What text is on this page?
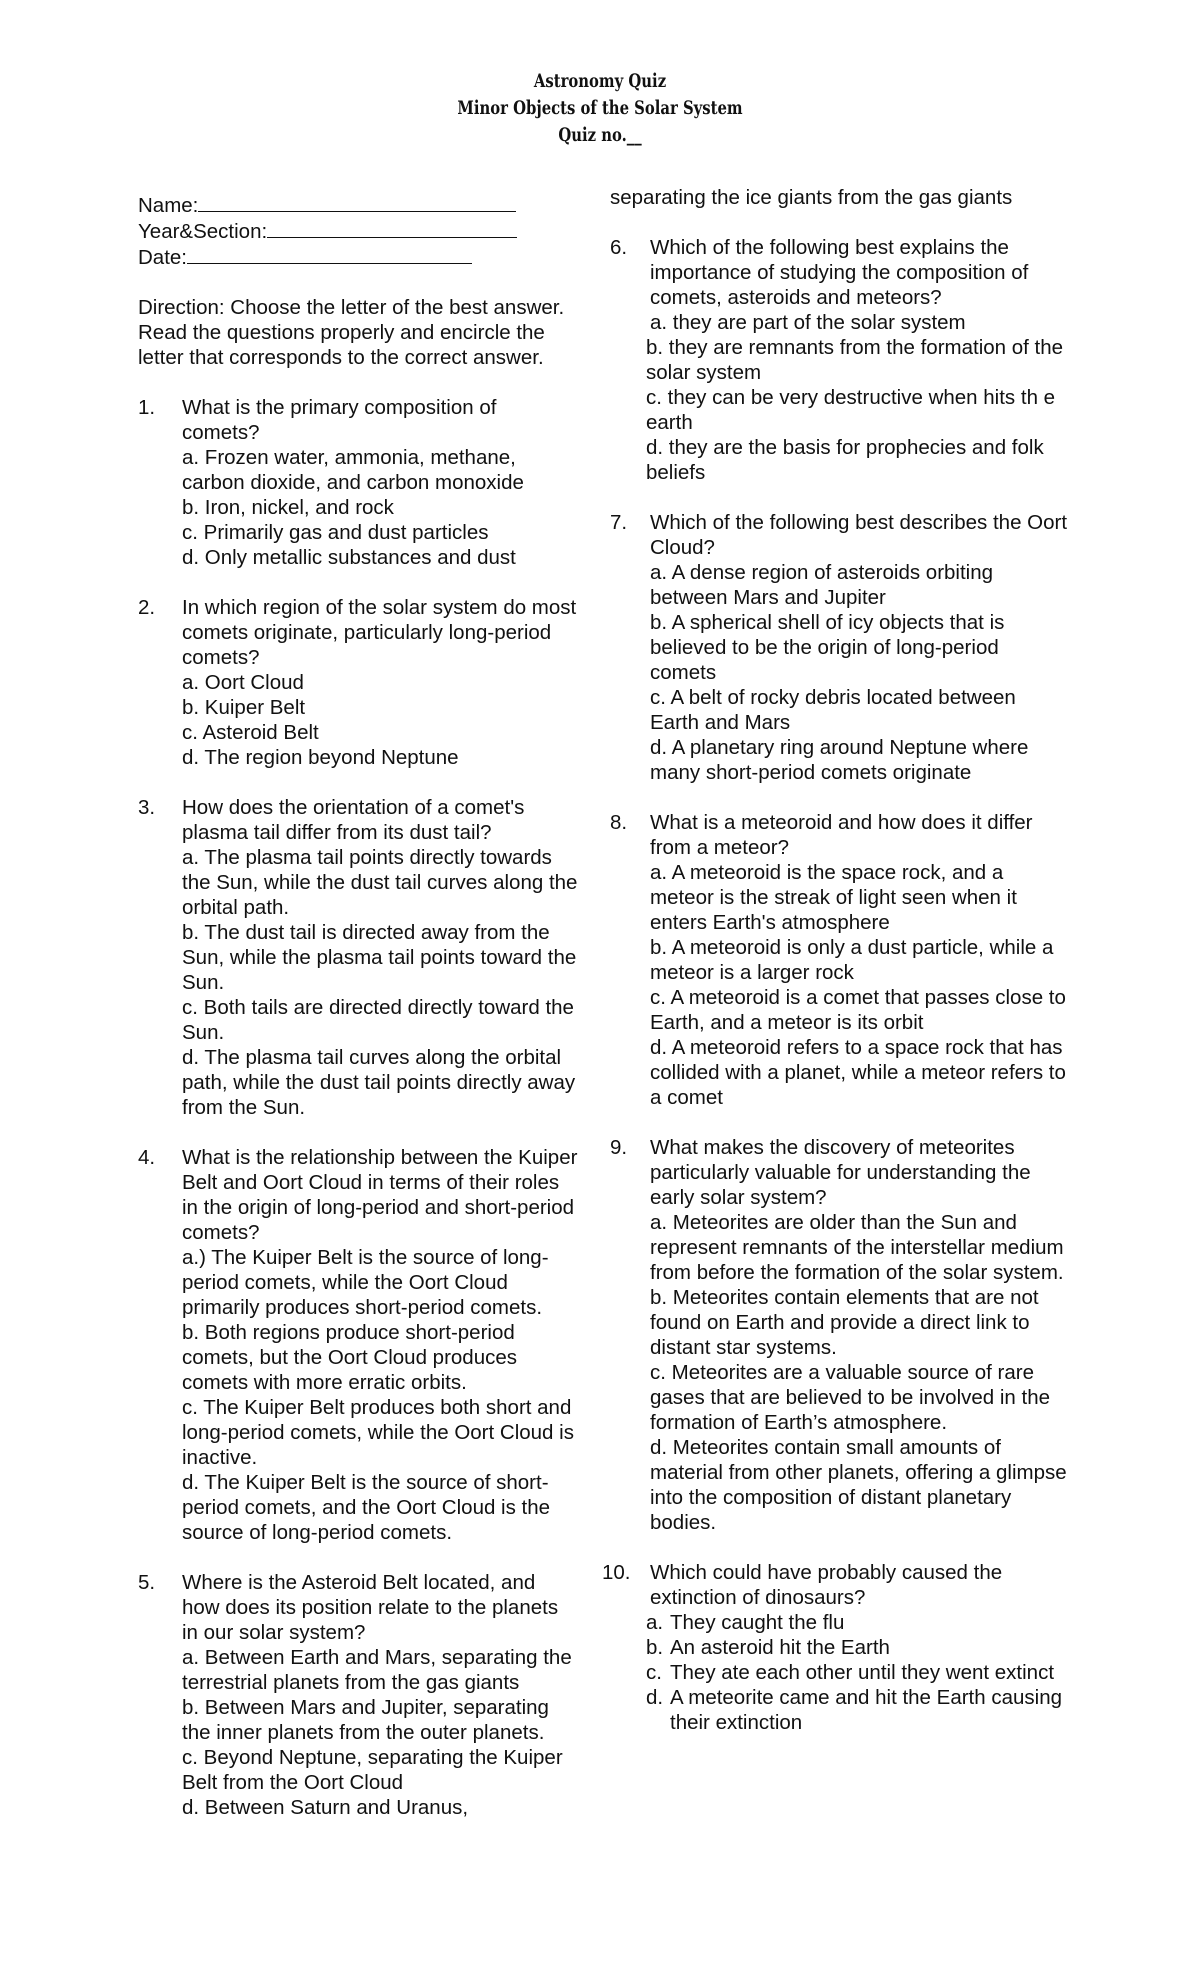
Astronomy Quiz
Minor Objects of the Solar System
Quiz no.__
Name:
Year&Section:
Date:
Direction: Choose the letter of the best answer. Read the questions properly and encircle the letter that corresponds to the correct answer.
1.	What is the primary composition of comets?
a. Frozen water, ammonia, methane, carbon dioxide, and carbon monoxide
b. Iron, nickel, and rock
c. Primarily gas and dust particles
d. Only metallic substances and dust
2.	In which region of the solar system do most comets originate, particularly long-period comets?
a. Oort Cloud
b. Kuiper Belt
c. Asteroid Belt
d. The region beyond Neptune
3.	How does the orientation of a comet's plasma tail differ from its dust tail?
a. The plasma tail points directly towards the Sun, while the dust tail curves along the orbital path.
b. The dust tail is directed away from the Sun, while the plasma tail points toward the Sun.
c. Both tails are directed directly toward the Sun.
d. The plasma tail curves along the orbital path, while the dust tail points directly away from the Sun.
4.	What is the relationship between the Kuiper Belt and Oort Cloud in terms of their roles in the origin of long-period and short-period comets?
a.) The Kuiper Belt is the source of long-period comets, while the Oort Cloud primarily produces short-period comets.
b. Both regions produce short-period comets, but the Oort Cloud produces comets with more erratic orbits.
c. The Kuiper Belt produces both short and long-period comets, while the Oort Cloud is inactive.
d. The Kuiper Belt is the source of short-period comets, and the Oort Cloud is the source of long-period comets.
5.	Where is the Asteroid Belt located, and how does its position relate to the planets in our solar system?
a. Between Earth and Mars, separating the terrestrial planets from the gas giants
b. Between Mars and Jupiter, separating the inner planets from the outer planets.
c. Beyond Neptune, separating the Kuiper Belt from the Oort Cloud
d. Between Saturn and Uranus,
separating the ice giants from the gas giants
6.	Which of the following best explains the importance of studying the composition of comets, asteroids and meteors?
a. they are part of the solar system
b. they are remnants from the formation of the solar system
c. they can be very destructive when hits th e earth
d. they are the basis for prophecies and folk beliefs
7.	Which of the following best describes the Oort Cloud?
a. A dense region of asteroids orbiting between Mars and Jupiter
b. A spherical shell of icy objects that is believed to be the origin of long-period comets
c. A belt of rocky debris located between Earth and Mars
d. A planetary ring around Neptune where many short-period comets originate
8.	What is a meteoroid and how does it differ from a meteor?
a. A meteoroid is the space rock, and a meteor is the streak of light seen when it enters Earth's atmosphere
b. A meteoroid is only a dust particle, while a meteor is a larger rock
c. A meteoroid is a comet that passes close to Earth, and a meteor is its orbit
d. A meteoroid refers to a space rock that has collided with a planet, while a meteor refers to a comet
9.	What makes the discovery of meteorites particularly valuable for understanding the early solar system?
a. Meteorites are older than the Sun and represent remnants of the interstellar medium from before the formation of the solar system.
b. Meteorites contain elements that are not found on Earth and provide a direct link to distant star systems.
c. Meteorites are a valuable source of rare gases that are believed to be involved in the formation of Earth’s atmosphere.
d. Meteorites contain small amounts of material from other planets, offering a glimpse into the composition of distant planetary bodies.
10. Which could have probably caused the extinction of dinosaurs?
a. They caught the flu
b. An asteroid hit the Earth
c. They ate each other until they went extinct
d. A meteorite came and hit the Earth causing their extinction
